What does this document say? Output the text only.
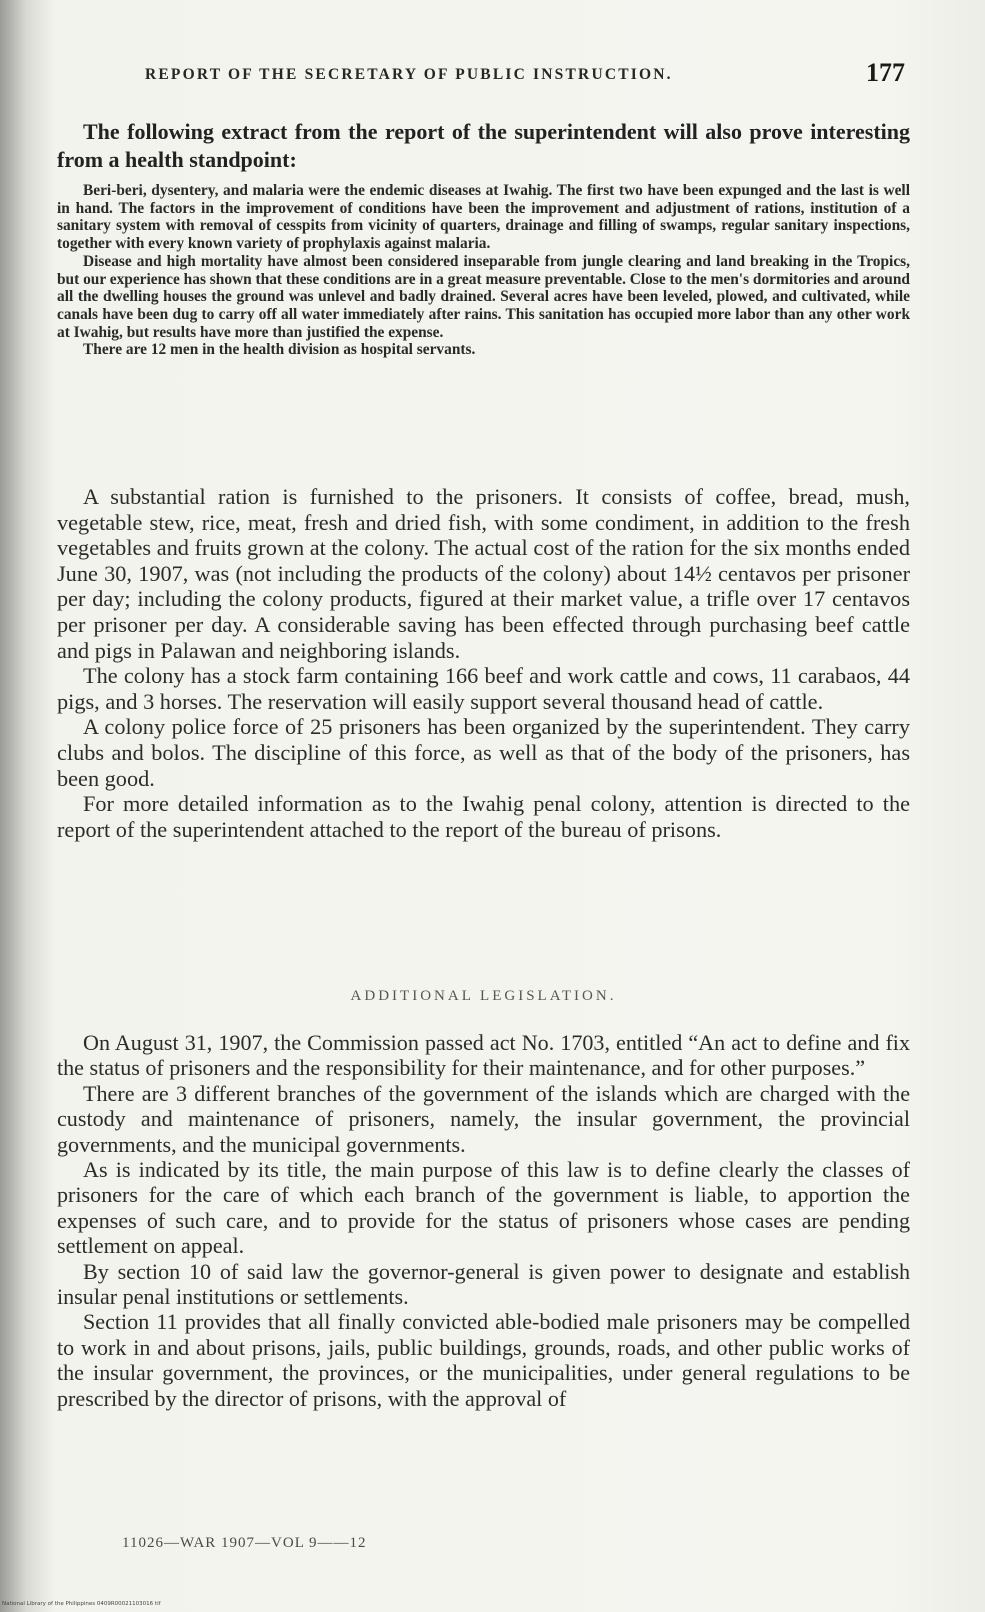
REPORT OF THE SECRETARY OF PUBLIC INSTRUCTION.	177
The following extract from the report of the superintendent will also prove interesting from a health standpoint:

Beri-beri, dysentery, and malaria were the endemic diseases at Iwahig. The first two have been expunged and the last is well in hand. The factors in the improvement of conditions have been the improvement and adjustment of rations, institution of a sanitary system with removal of cesspits from vicinity of quarters, drainage and filling of swamps, regular sanitary inspections, together with every known variety of prophylaxis against malaria.

Disease and high mortality have almost been considered inseparable from jungle clearing and land breaking in the Tropics, but our experience has shown that these conditions are in a great measure preventable. Close to the men's dormitories and around all the dwelling houses the ground was unlevel and badly drained. Several acres have been leveled, plowed, and cultivated, while canals have been dug to carry off all water immediately after rains. This sanitation has occupied more labor than any other work at Iwahig, but results have more than justified the expense.

There are 12 men in the health division as hospital servants.

A substantial ration is furnished to the prisoners. It consists of coffee, bread, mush, vegetable stew, rice, meat, fresh and dried fish, with some condiment, in addition to the fresh vegetables and fruits grown at the colony. The actual cost of the ration for the six months ended June 30, 1907, was (not including the products of the colony) about 14½ centavos per prisoner per day; including the colony products, figured at their market value, a trifle over 17 centavos per prisoner per day. A considerable saving has been effected through purchasing beef cattle and pigs in Palawan and neighboring islands.

The colony has a stock farm containing 166 beef and work cattle and cows, 11 carabaos, 44 pigs, and 3 horses. The reservation will easily support several thousand head of cattle.

A colony police force of 25 prisoners has been organized by the superintendent. They carry clubs and bolos. The discipline of this force, as well as that of the body of the prisoners, has been good.

For more detailed information as to the Iwahig penal colony, attention is directed to the report of the superintendent attached to the report of the bureau of prisons.

ADDITIONAL LEGISLATION.

On August 31, 1907, the Commission passed act No. 1703, entitled “An act to define and fix the status of prisoners and the responsibility for their maintenance, and for other purposes.”

There are 3 different branches of the government of the islands which are charged with the custody and maintenance of prisoners, namely, the insular government, the provincial governments, and the municipal governments.

As is indicated by its title, the main purpose of this law is to define clearly the classes of prisoners for the care of which each branch of the government is liable, to apportion the expenses of such care, and to provide for the status of prisoners whose cases are pending settlement on appeal.

By section 10 of said law the governor-general is given power to designate and establish insular penal institutions or settlements.

Section 11 provides that all finally convicted able-bodied male prisoners may be compelled to work in and about prisons, jails, public buildings, grounds, roads, and other public works of the insular government, the provinces, or the municipalities, under general regulations to be prescribed by the director of prisons, with the approval of

11026—WAR 1907—VOL 9——12
National Library of the Philippines 0409R00021103016 tif
